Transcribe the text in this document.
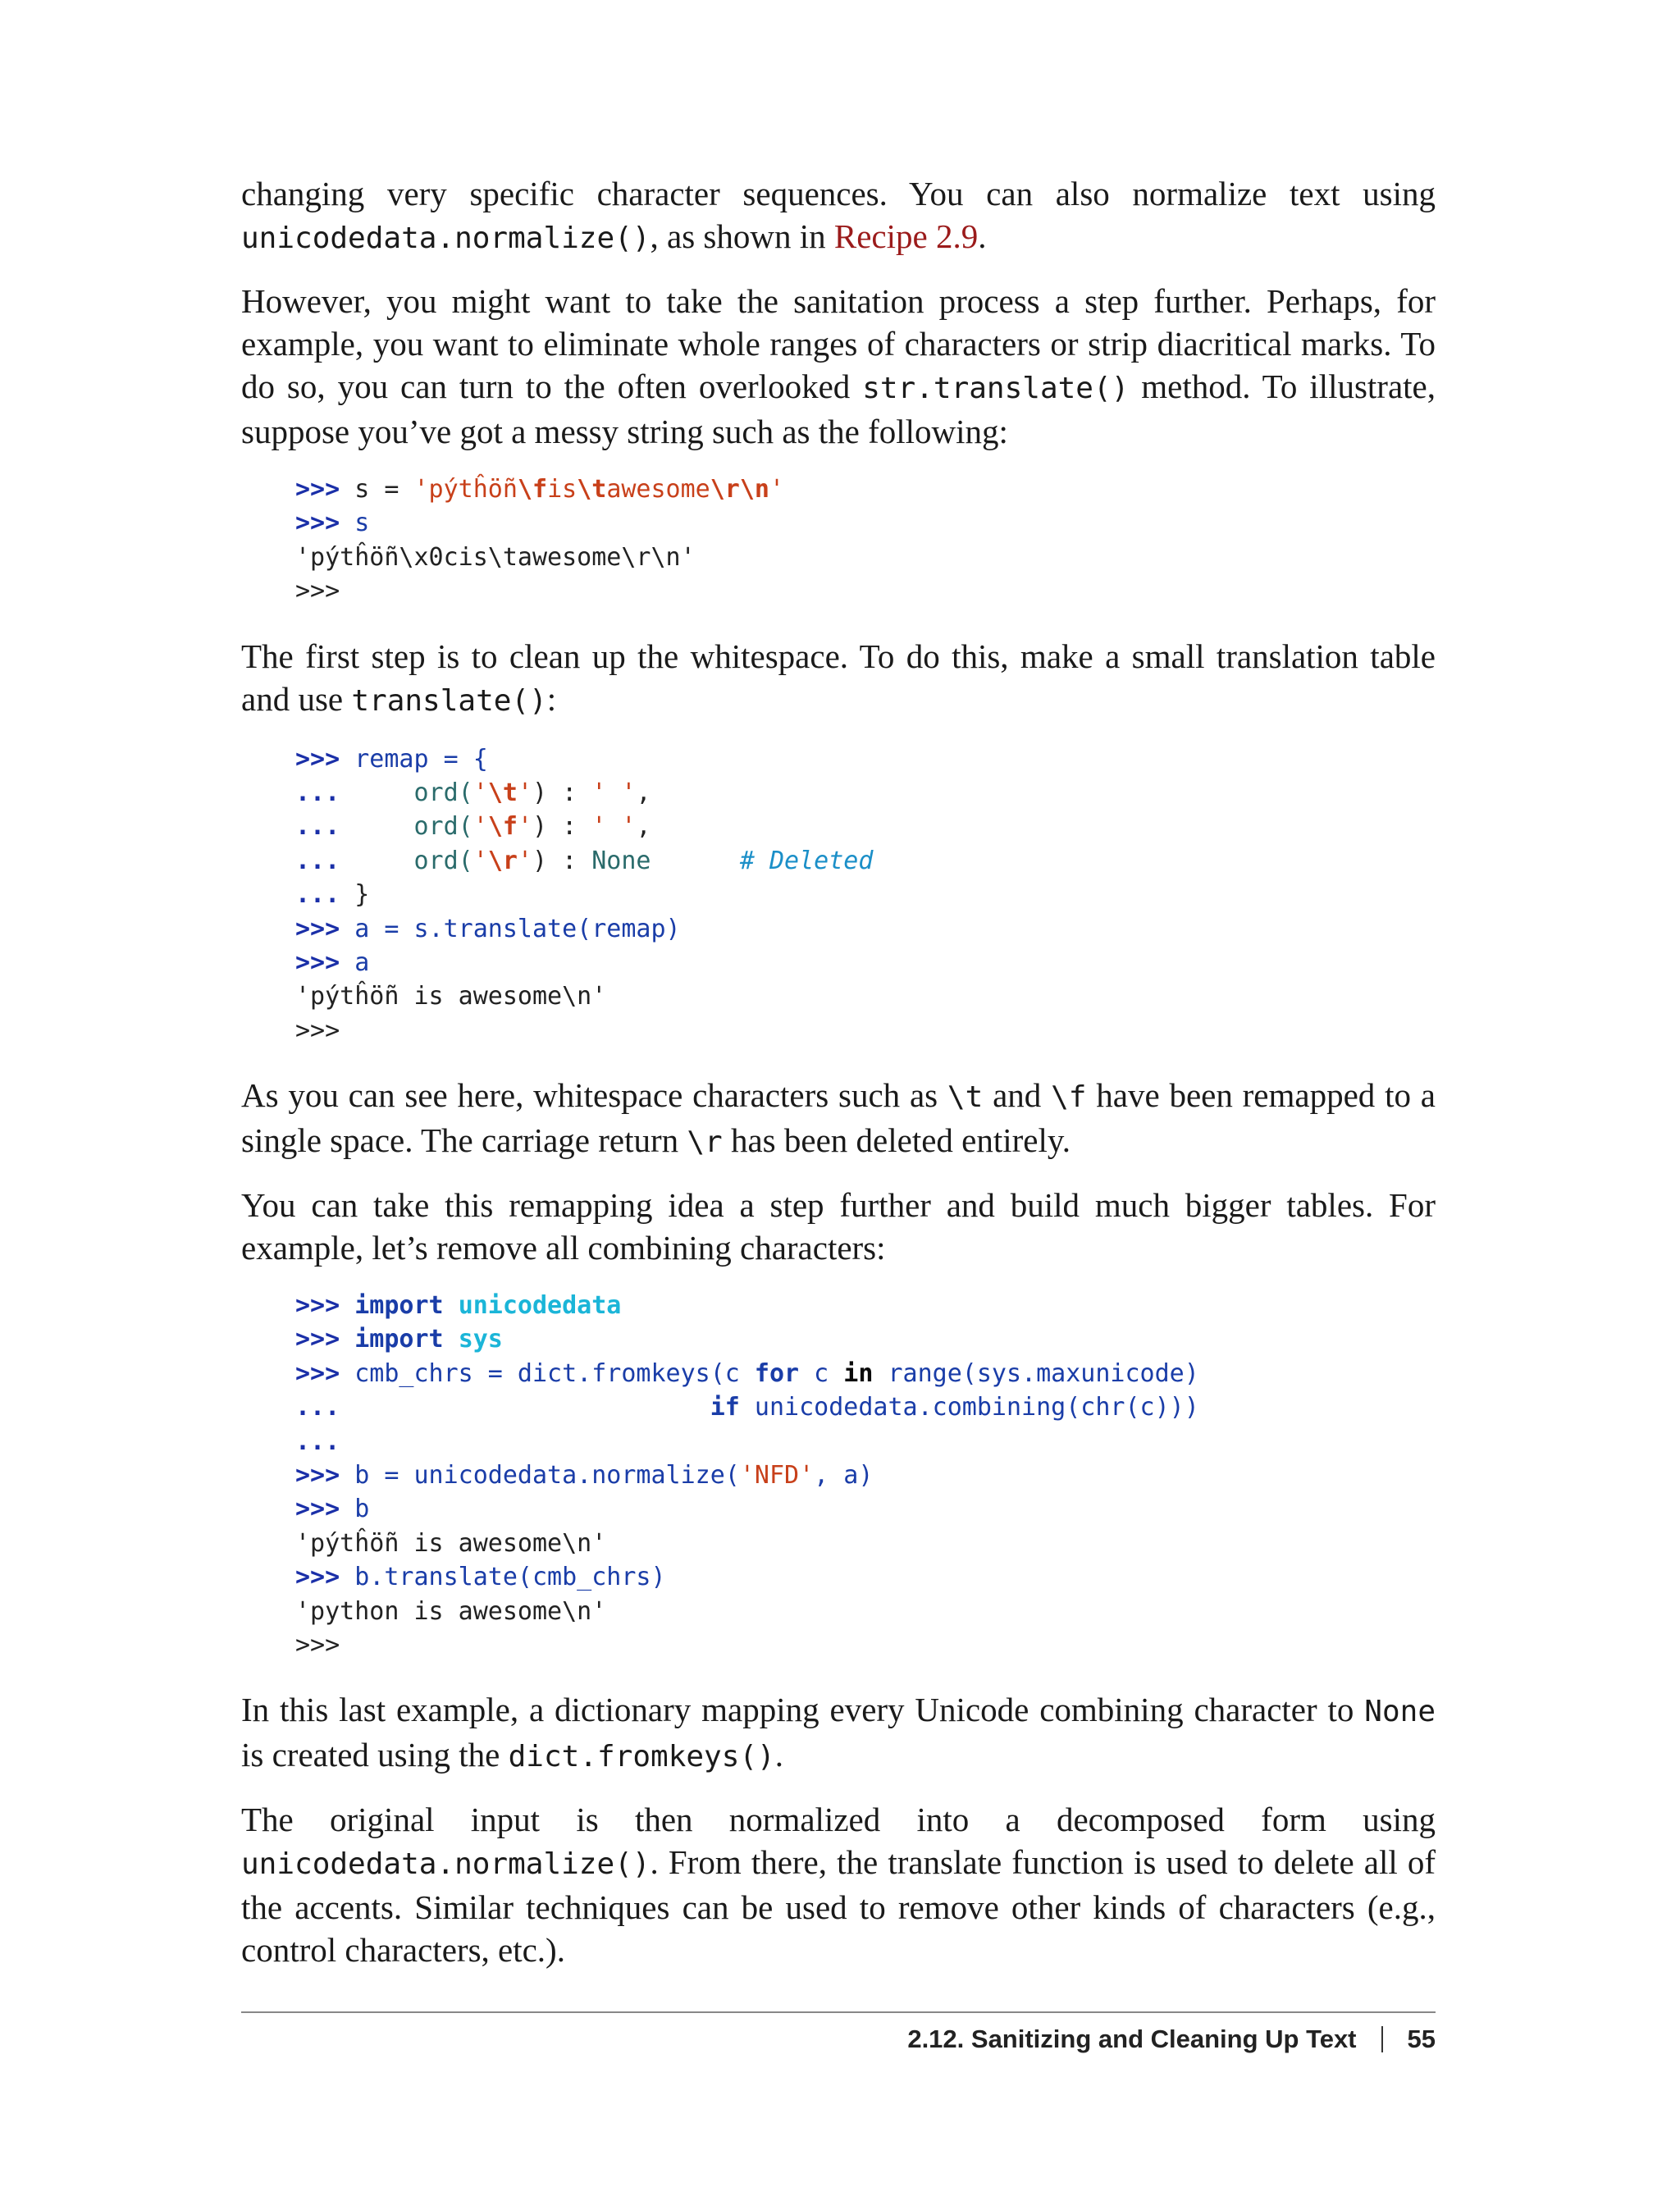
changing very specific character sequences. You can also normalize text using unicodedata.normalize(), as shown in Recipe 2.9.

However, you might want to take the sanitation process a step further. Perhaps, for example, you want to eliminate whole ranges of characters or strip diacritical marks. To do so, you can turn to the often overlooked str.translate() method. To illustrate, suppose you’ve got a messy string such as the following:

>>> s = 'pýtĥöñ\fis\tawesome\r\n'
>>> s
'pýtĥöñ\x0cis\tawesome\r\n'
>>>

The first step is to clean up the whitespace. To do this, make a small translation table and use translate():

>>> remap = {
...	ord('\t') : ' ',
...	ord('\f') : ' ',
...	ord('\r') : None	# Deleted
... }
>>> a = s.translate(remap)
>>> a
'pýtĥöñ is awesome\n'
>>>

As you can see here, whitespace characters such as \t and \f have been remapped to a single space. The carriage return \r has been deleted entirely.

You can take this remapping idea a step further and build much bigger tables. For example, let’s remove all combining characters:

>>> import unicodedata
>>> import sys
>>> cmb_chrs = dict.fromkeys(c for c in range(sys.maxunicode)
...	if unicodedata.combining(chr(c)))
...
>>> b = unicodedata.normalize('NFD', a)
>>> b
'pýtĥöñ is awesome\n'
>>> b.translate(cmb_chrs)
'python is awesome\n'
>>>

In this last example, a dictionary mapping every Unicode combining character to None is created using the dict.fromkeys().

The original input is then normalized into a decomposed form using unicodedata.normalize(). From there, the translate function is used to delete all of the accents. Similar techniques can be used to remove other kinds of characters (e.g., control characters, etc.).

2.12. Sanitizing and Cleaning Up Text 55
